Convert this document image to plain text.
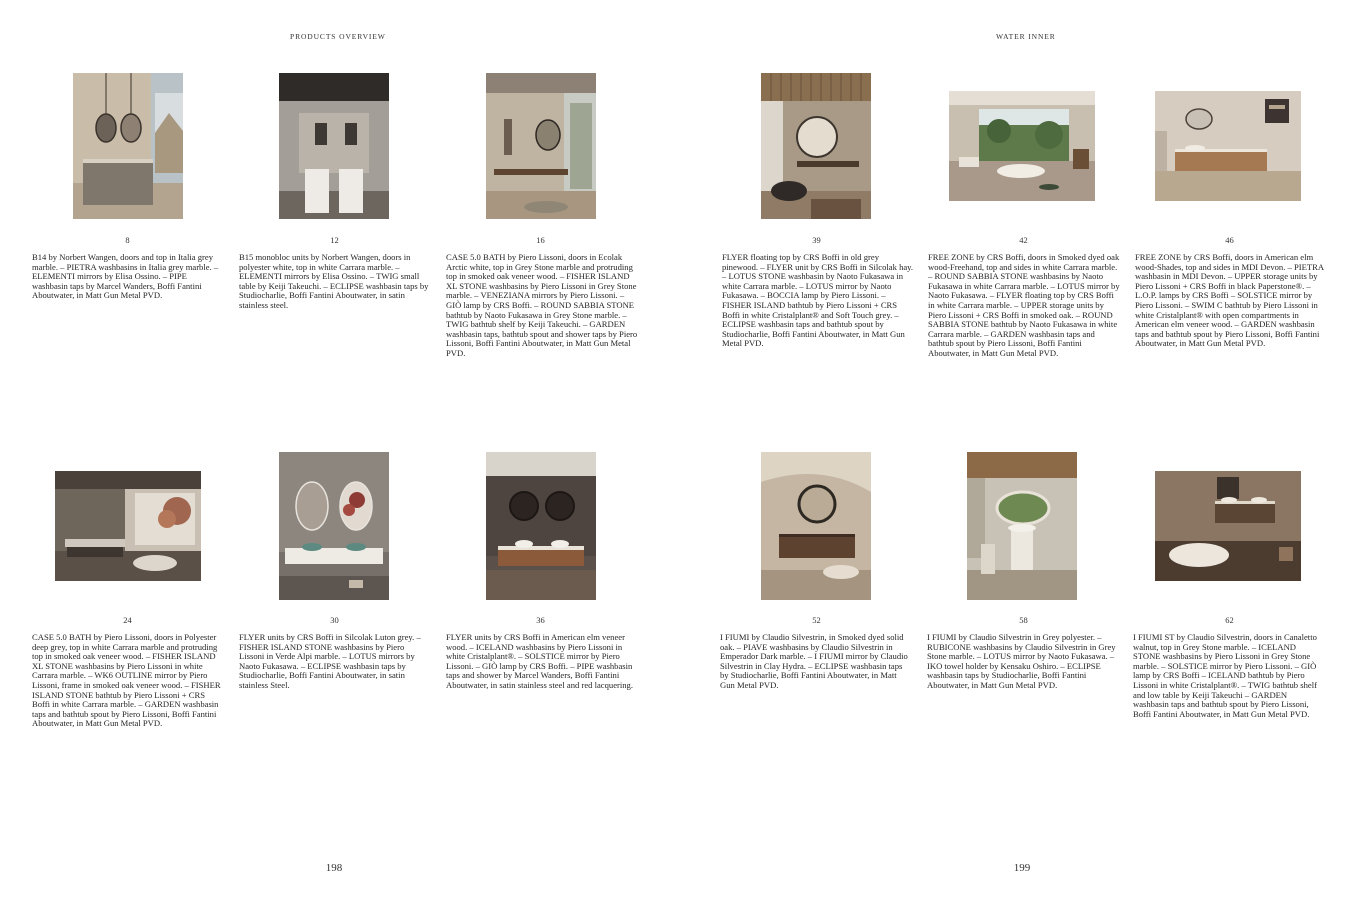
PRODUCTS OVERVIEW
8
B14 by Norbert Wangen, doors and top in Italia grey marble. – PIETRA washbasins in Italia grey marble. – ELEMENTI mirrors by Elisa Ossino. – PIPE washbasin taps by Marcel Wanders, Boffi Fantini Aboutwater, in Matt Gun Metal PVD.
12
B15 monobloc units by Norbert Wangen, doors in polyester white, top in white Carrara marble. – ELEMENTI mirrors by Elisa Ossino. – TWIG small table by Keiji Takeuchi. – ECLIPSE washbasin taps by Studiocharlie, Boffi Fantini Aboutwater, in satin stainless steel.
16
CASE 5.0 BATH by Piero Lissoni, doors in Ecolak Arctic white, top in Grey Stone marble and protruding top in smoked oak veneer wood. – FISHER ISLAND XL STONE washbasins by Piero Lissoni in Grey Stone marble. – VENEZIANA mirrors by Piero Lissoni. – GIÒ lamp by CRS Boffi. – ROUND SABBIA STONE bathtub by Naoto Fukasawa in Grey Stone marble. – TWIG bathtub shelf by Keiji Takeuchi. – GARDEN washbasin taps, bathtub spout and shower taps by Piero Lissoni, Boffi Fantini Aboutwater, in Matt Gun Metal PVD.
24
CASE 5.0 BATH by Piero Lissoni, doors in Polyester deep grey, top in white Carrara marble and protruding top in smoked oak veneer wood. – FISHER ISLAND XL STONE washbasins by Piero Lissoni in white Carrara marble. – WK6 OUTLINE mirror by Piero Lissoni, frame in smoked oak veneer wood. – FISHER ISLAND STONE bathtub by Piero Lissoni + CRS Boffi in white Carrara marble. – GARDEN washbasin taps and bathtub spout by Piero Lissoni, Boffi Fantini Aboutwater, in Matt Gun Metal PVD.
30
FLYER units by CRS Boffi in Silcolak Luton grey. – FISHER ISLAND STONE washbasins by Piero Lissoni in Verde Alpi marble. – LOTUS mirrors by Naoto Fukasawa. – ECLIPSE washbasin taps by Studiocharlie, Boffi Fantini Aboutwater, in satin stainless Steel.
36
FLYER units by CRS Boffi in American elm veneer wood. – ICELAND washbasins by Piero Lissoni in white Cristalplant®. – SOLSTICE mirror by Piero Lissoni. – GIÒ lamp by CRS Boffi. – PIPE washbasin taps and shower by Marcel Wanders, Boffi Fantini Aboutwater, in satin stainless steel and red lacquering.
198
WATER INNER
39
FLYER floating top by CRS Boffi in old grey pinewood. – FLYER unit by CRS Boffi in Silcolak hay. – LOTUS STONE washbasin by Naoto Fukasawa in white Carrara marble. – LOTUS mirror by Naoto Fukasawa. – BOCCIA lamp by Piero Lissoni. – FISHER ISLAND bathtub by Piero Lissoni + CRS Boffi in white Cristalplant® and Soft Touch grey. – ECLIPSE washbasin taps and bathtub spout by Studiocharlie, Boffi Fantini Aboutwater, in Matt Gun Metal PVD.
42
FREE ZONE by CRS Boffi, doors in Smoked dyed oak wood-Freehand, top and sides in white Carrara marble. – ROUND SABBIA STONE washbasins by Naoto Fukasawa in white Carrara marble. – LOTUS mirror by Naoto Fukasawa. – FLYER floating top by CRS Boffi in white Carrara marble. – UPPER storage units by Piero Lissoni + CRS Boffi in smoked oak. – ROUND SABBIA STONE bathtub by Naoto Fukasawa in white Carrara marble. – GARDEN washbasin taps and bathtub spout by Piero Lissoni, Boffi Fantini Aboutwater, in Matt Gun Metal PVD.
46
FREE ZONE by CRS Boffi, doors in American elm wood-Shades, top and sides in MDI Devon. – PIETRA washbasin in MDI Devon. – UPPER storage units by Piero Lissoni + CRS Boffi in black Paperstone®. – L.O.P. lamps by CRS Boffi – SOLSTICE mirror by Piero Lissoni. – SWIM C bathtub by Piero Lissoni in white Cristalplant® with open compartments in American elm veneer wood. – GARDEN washbasin taps and bathtub spout by Piero Lissoni, Boffi Fantini Aboutwater, in Matt Gun Metal PVD.
52
I FIUMI by Claudio Silvestrin, in Smoked dyed solid oak. – PIAVE washbasins by Claudio Silvestrin in Emperador Dark marble. – I FIUMI mirror by Claudio Silvestrin in Clay Hydra. – ECLIPSE washbasin taps by Studiocharlie, Boffi Fantini Aboutwater, in Matt Gun Metal PVD.
58
I FIUMI by Claudio Silvestrin in Grey polyester. – RUBICONE washbasins by Claudio Silvestrin in Grey Stone marble. – LOTUS mirror by Naoto Fukasawa. – IKO towel holder by Kensaku Oshiro. – ECLIPSE washbasin taps by Studiocharlie, Boffi Fantini Aboutwater, in Matt Gun Metal PVD.
62
I FIUMI ST by Claudio Silvestrin, doors in Canaletto walnut, top in Grey Stone marble. – ICELAND STONE washbasins by Piero Lissoni in Grey Stone marble. – SOLSTICE mirror by Piero Lissoni. – GIÒ lamp by CRS Boffi – ICELAND bathtub by Piero Lissoni in white Cristalplant®. – TWIG bathtub shelf and low table by Keiji Takeuchi – GARDEN washbasin taps and bathtub spout by Piero Lissoni, Boffi Fantini Aboutwater, in Matt Gun Metal PVD.
199
